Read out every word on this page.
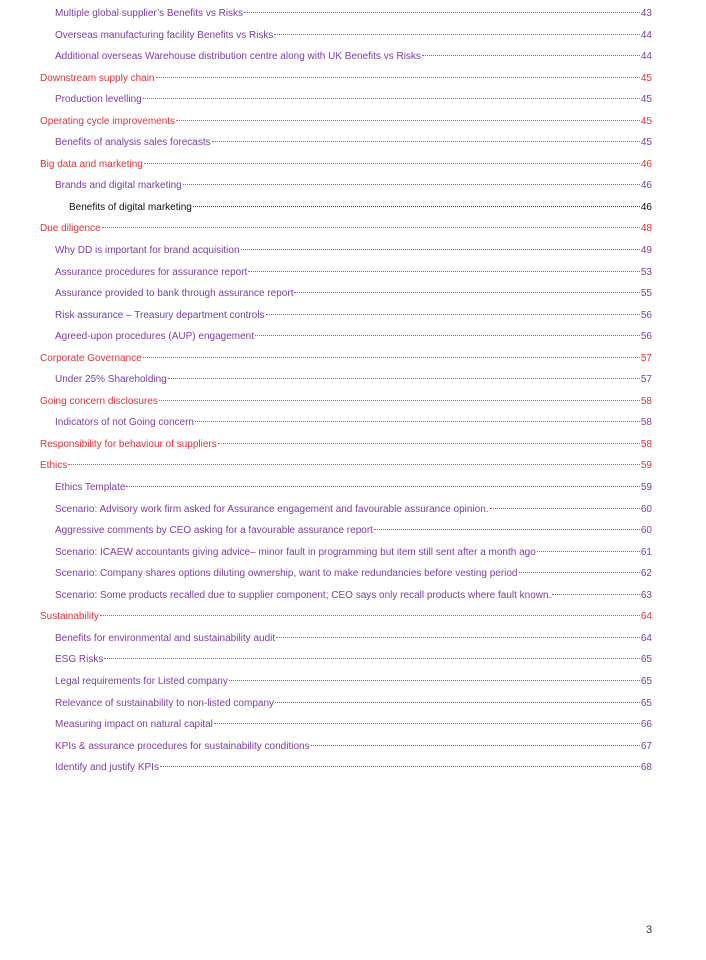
Multiple global supplier’s Benefits vs Risks	43
Overseas manufacturing facility Benefits vs Risks	44
Additional overseas Warehouse distribution centre along with UK Benefits vs Risks	44
Downstream supply chain	45
Production levelling	45
Operating cycle improvements	45
Benefits of analysis sales forecasts	45
Big data and marketing	46
Brands and digital marketing	46
Benefits of digital marketing	46
Due diligence	48
Why DD is important for brand acquisition	49
Assurance procedures for assurance report	53
Assurance provided to bank through assurance report	55
Risk assurance – Treasury department controls	56
Agreed-upon procedures (AUP) engagement	56
Corporate Governance	57
Under 25% Shareholding	57
Going concern disclosures	58
Indicators of not Going concern	58
Responsibility for behaviour of suppliers	58
Ethics	59
Ethics Template	59
Scenario: Advisory work firm asked for Assurance engagement and favourable assurance opinion.	60
Aggressive comments by CEO asking for a favourable assurance report	60
Scenario: ICAEW accountants giving advice– minor fault in programming but item still sent after a month ago	61
Scenario: Company shares options diluting ownership, want to make redundancies before vesting period	62
Scenario: Some products recalled due to supplier component; CEO says only recall products where fault known.	63
Sustainability	64
Benefits for environmental and sustainability audit	64
ESG Risks	65
Legal requirements for Listed company	65
Relevance of sustainability to non-listed company	65
Measuring impact on natural capital	66
KPIs & assurance procedures for sustainability conditions	67
Identify and justify KPIs	68
3
